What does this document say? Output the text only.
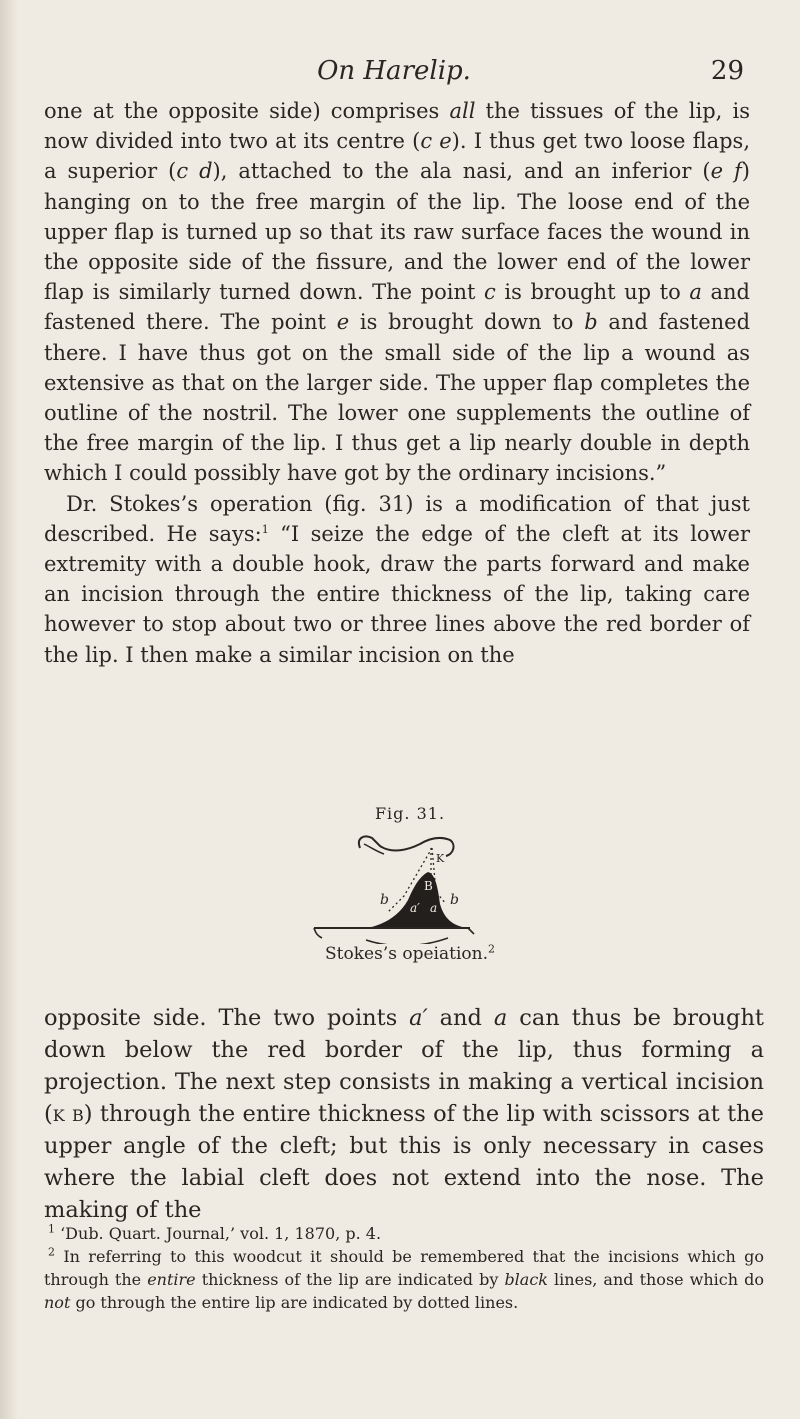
On Harelip.	29

one at the opposite side) comprises all the tissues of the lip, is now divided into two at its centre (c e). I thus get two loose flaps, a superior (c d), attached to the ala nasi, and an inferior (e f) hanging on to the free margin of the lip. The loose end of the upper flap is turned up so that its raw surface faces the wound in the opposite side of the fissure, and the lower end of the lower flap is similarly turned down. The point c is brought up to a and fastened there. The point e is brought down to b and fastened there. I have thus got on the small side of the lip a wound as extensive as that on the larger side. The upper flap completes the outline of the nostril. The lower one supplements the outline of the free margin of the lip. I thus get a lip nearly double in depth which I could possibly have got by the ordinary incisions.”

Dr. Stokes’s operation (fig. 31) is a modification of that just described. He says:$^1$ “I seize the edge of the cleft at its lower extremity with a double hook, draw the parts forward and make an incision through the entire thickness of the lip, taking care however to stop about two or three lines above the red border of the lip. I then make a similar incision on the

Fig. 31.
b	b
B
K
a′ a
Stokes’s opeiation.$^2$

opposite side. The two points a′ and a can thus be brought down below the red border of the lip, thus forming a projection. The next step consists in making a vertical incision (k b) through the entire thickness of the lip with scissors at the upper angle of the cleft; but this is only necessary in cases where the labial cleft does not extend into the nose. The making of the

$^1$ ‘Dub. Quart. Journal,’ vol. 1, 1870, p. 4.

$^2$ In referring to this woodcut it should be remembered that the incisions which go through the entire thickness of the lip are indicated by black lines, and those which do not go through the entire lip are indicated by dotted lines.
